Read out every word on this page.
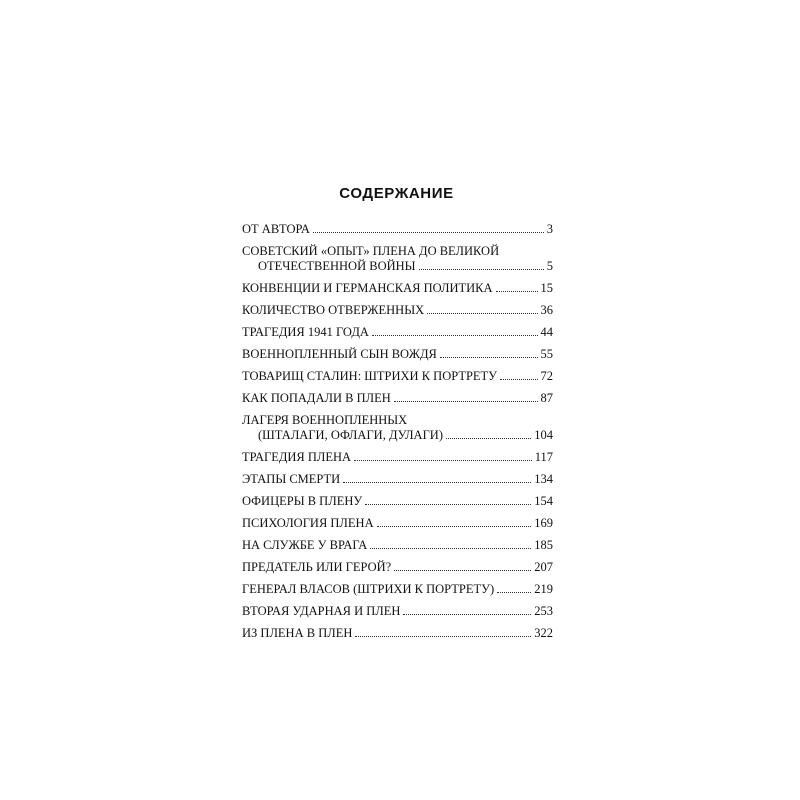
СОДЕРЖАНИЕ
ОТ АВТОРА	3
СОВЕТСКИЙ «ОПЫТ» ПЛЕНА ДО ВЕЛИКОЙ
ОТЕЧЕСТВЕННОЙ ВОЙНЫ	5
КОНВЕНЦИИ И ГЕРМАНСКАЯ ПОЛИТИКА	15
КОЛИЧЕСТВО ОТВЕРЖЕННЫХ	36
ТРАГЕДИЯ 1941 ГОДА	44
ВОЕННОПЛЕННЫЙ СЫН ВОЖДЯ	55
ТОВАРИЩ СТАЛИН: ШТРИХИ К ПОРТРЕТУ	72
КАК ПОПАДАЛИ В ПЛЕН	87
ЛАГЕРЯ ВОЕННОПЛЕННЫХ
(ШТАЛАГИ, ОФЛАГИ, ДУЛАГИ)	104
ТРАГЕДИЯ ПЛЕНА	117
ЭТАПЫ СМЕРТИ	134
ОФИЦЕРЫ В ПЛЕНУ	154
ПСИХОЛОГИЯ ПЛЕНА	169
НА СЛУЖБЕ У ВРАГА	185
ПРЕДАТЕЛЬ ИЛИ ГЕРОЙ?	207
ГЕНЕРАЛ ВЛАСОВ (ШТРИХИ К ПОРТРЕТУ)	219
ВТОРАЯ УДАРНАЯ И ПЛЕН	253
ИЗ ПЛЕНА В ПЛЕН	322
